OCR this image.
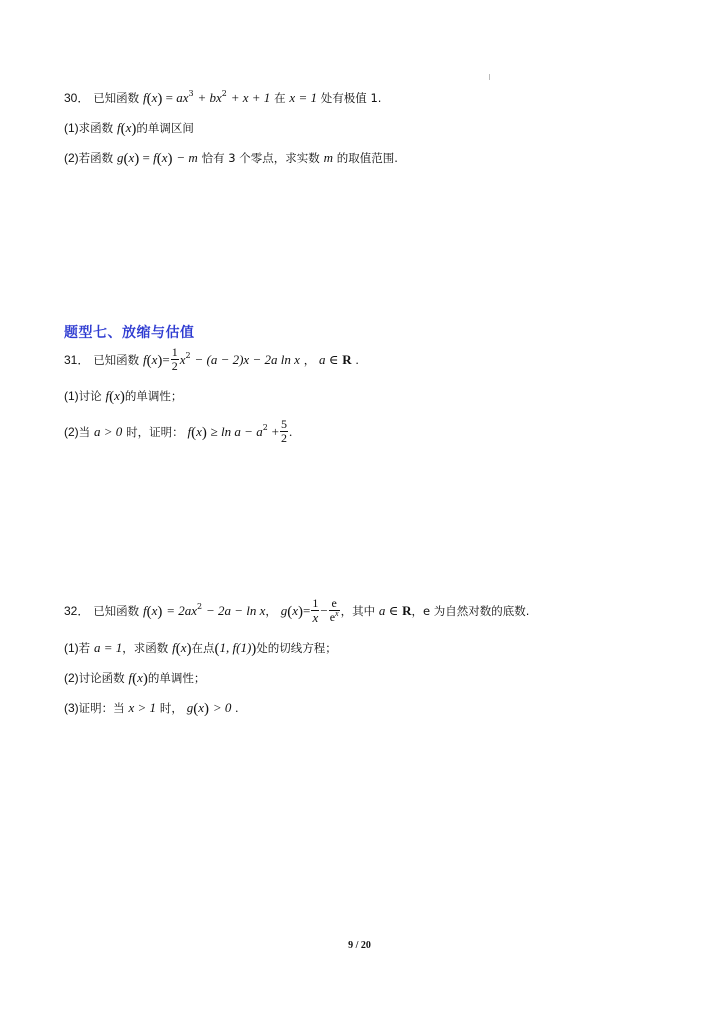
30． 已知函数 $f(x) = ax^3 + bx^2 + x + 1$ 在 x = 1 处有极值 1.
(1)求函数 f(x)的单调区间
(2)若函数 g(x) = f(x) − m 恰有 3 个零点，求实数 m 的取值范围.
题型七、放缩与估值
31． 已知函数 $f(x)= \frac{1}{2} x^2 - (a - 2)x - 2a$ ln x ， a ∈ R .
(1)讨论 f(x)的单调性；
(2)当 a > 0 时，证明： $f(x) \ge \ln a - a^2 + \frac{5}{2}$ .
32． 已知函数 $f(x) = 2ax^2 - 2a - \ln x$， $g(x)= \frac{1}{x} - \frac{e}{e^x}$ ，其中 a ∈ R，e 为自然对数的底数.
(1)若 a = 1，求函数 f(x)在点(1, f(1))处的切线方程；
(2)讨论函数 f(x)的单调性；
(3)证明：当 x > 1 时， g(x) > 0 .
9 / 20
